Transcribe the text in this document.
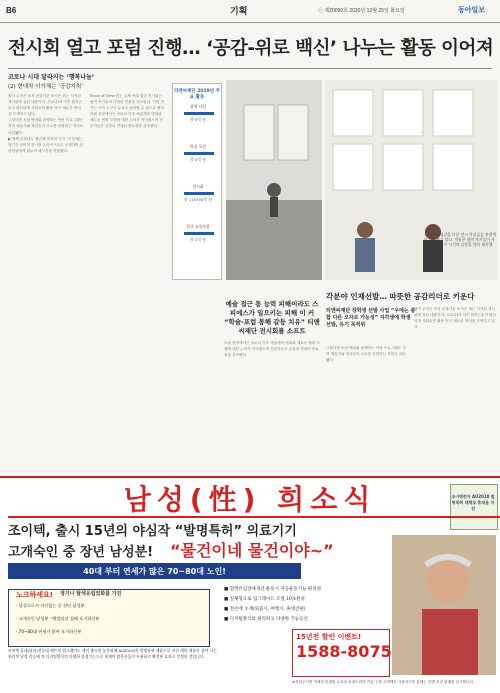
B6	기획	ⓒ 제20090호 2020년 12월 25일 화요일	동아일보
전시회 열고 포럼 진행… ‘공감-위로 백신’ 나누는 활동 이어져
코로나 시대 달라지는 ‘행복나눔’
(2) 현대차 이가체는 ‘공감자취’

참가 수칙은 조직 문화가운 소식은 최근 시작된 게시판에 실린 내용이다. 코로나19 이후 원격근무가 확산되며 사회공헌 활동 역시 새로운 방식을 모색하고 있다.

그렇다면 소셜 벤처와 함께하는 이번 프로그램은 지역 예술가와 청년들이 서로를 응원하는 자리로 마련됐다.

▶‘예체 부펀데도 웹진에 발표어 시기’ 이 단체는 장기간 준비한 전시를 온라인으로도 공개하며 관람객들에게 위로의 메시지를 전달했다.

Piece of View’라는 주제 아래 열린 전시회는 참여 작가들의 다양한 작품을 선보였다. 이번 전시는 시민 누구나 무료로 관람할 수 있도록 했다.

포럼 현장에서는 코로나 이후 예술계의 변화와 새로운 협력 모델에 대한 논의가 이어졌으며 전문가들은 공감과 연대의 중요성을 강조했다.

티앤씨재단 2019년 주요 활동
장학 사업
총 5억 원
학술 포럼
총 4억 원
전시회
총 119700억 원
한국 교육사업
총 1억 원
불행과 고립감을 다룬 전시 작품들을 관람객이 감상하고 있다. 작품은 참여 작가들이 사회적 거리두기 시기의 감정을 담아 제작했다.
예술 접근 통 능력 피해이라도 스피에스가 일으키는 피해 이 커 “학술-포럼 통해 갈등 치유” 티앤씨재단 전시회를 소프트

포럼 현장에서는 코로나 이후 예술계의 변화와 새로운 협력 모델에 대한 논의가 이어졌으며 전문가들은 공감과 연대의 중요성을 강조했다.

각분야 인재선발… 따뜻한 공감리더로 키운다
티앤씨재단 장학생 선발 사업 “우에는 종합 다른 모자르 가능성” 지각생에 학생 선발, 유기 목적위

그렇다면 소셜 벤처와 함께하는 이번 프로그램은 지역 예술가와 청년들이 서로를 응원하는 자리로 마련됐다.

참가 수칙은 조직 문화가운 소식은 최근 시작된 게시판에 실린 내용이다. 코로나19 이후 원격근무가 확산되며 사회공헌 활동 역시 새로운 방식을 모색하고 있다.

남성(性) 희소식	조이텍전자 AU2010 발명특허 대체로 휴대용 자전
조이텍, 출시 15년의 야심작 “발명특허” 의료기기
고개숙인 중 장년 남성분! “물건이네 물건이야~”
40대 부터 연세가 많은 70~80대 노인!
노크하세요! 정기나 탈색유립었화를 가진
· 남성으로서 자신없는 중 장년 남성분
· 고개숙인 남성분 · 백발되살 실패 포기하신분
· 70~80대 연세가 많아 포기하신분
■ 혈액유입장애개선 운동시 자동운동기능 편리성
■ 일체형으로 업그레이드 조절 10초완성
■ 전손에 오재(외출시, 여행시, 휴대간편)
■ 디지털방식의 편리하고 다양한 기능들선
조이텍 휴대(남자)전문대 세트의 업그레이드 제이 출시된 높은위페 AU2010(특 발명특허 제품으로 자신 세한 제품이 살아 나는 원리의 남성 리듬에 의 디지털방식의 다양한 음성기능으로 현재까 많은분들이 사용하고 확인된 효과로 인정한 것입니다.
15년전 할인 이벤트!
1588-8075
※전화주시면 자세한 안내를 무료로 보내드리며 기존 구형 고객께도 사용하시던 분께는 특별 보상 판매를 실시합니다.
